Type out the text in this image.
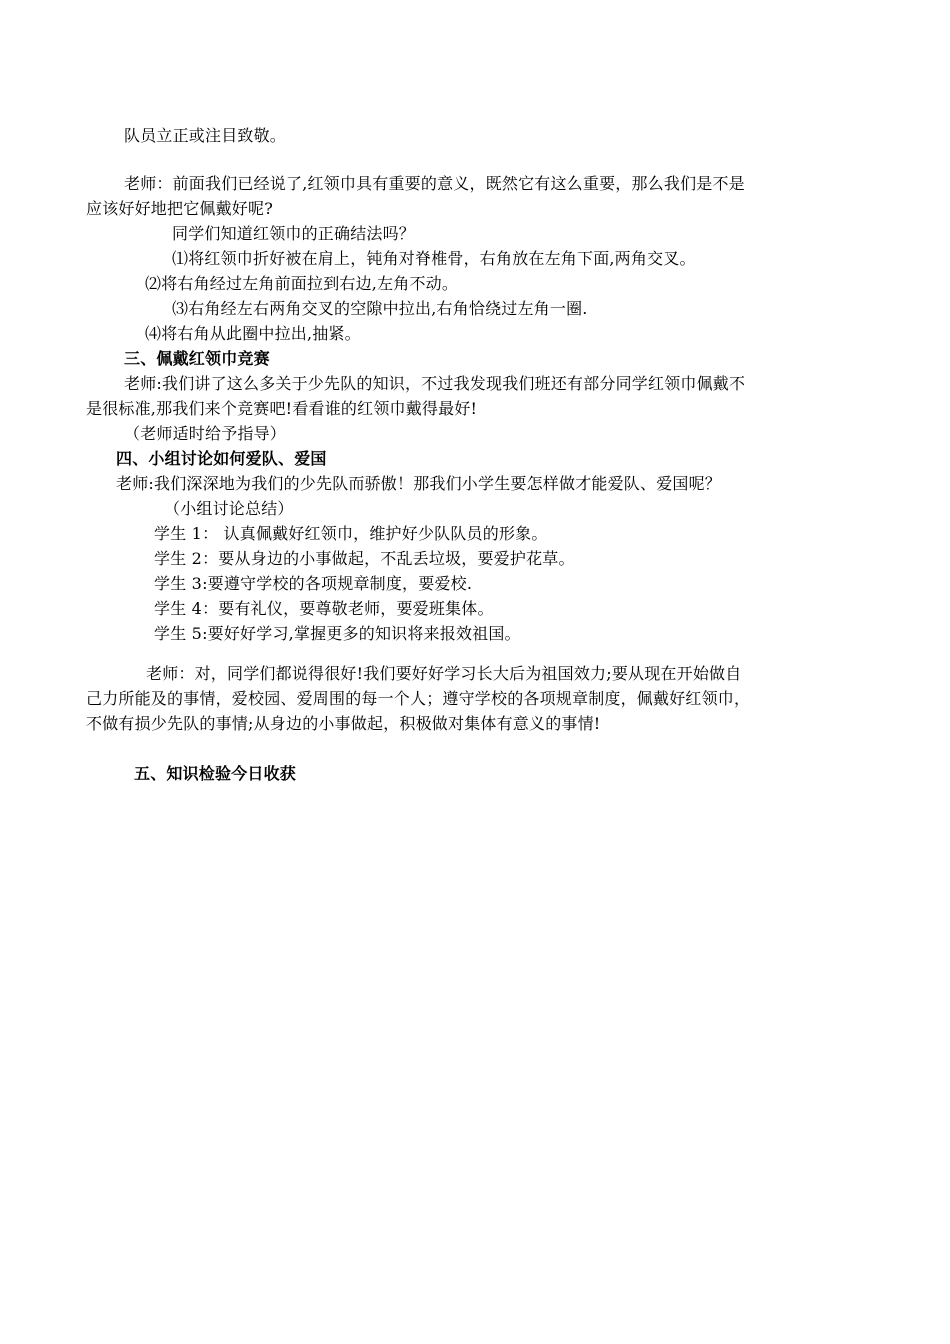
队员立正或注目致敬。
老师：前面我们已经说了,红领巾具有重要的意义，既然它有这么重要，那么我们是不是
应该好好地把它佩戴好呢?
同学们知道红领巾的正确结法吗？
⑴将红领巾折好被在肩上，钝角对脊椎骨，右角放在左角下面,两角交叉。
⑵将右角经过左角前面拉到右边,左角不动。
⑶右角经左右两角交叉的空隙中拉出,右角恰绕过左角一圈.
⑷将右角从此圈中拉出,抽紧。
三、佩戴红领巾竞赛
老师:我们讲了这么多关于少先队的知识，不过我发现我们班还有部分同学红领巾佩戴不
是很标准,那我们来个竞赛吧!看看谁的红领巾戴得最好!
（老师适时给予指导）
四、小组讨论如何爱队、爱国
老师:我们深深地为我们的少先队而骄傲！那我们小学生要怎样做才能爱队、爱国呢？
（小组讨论总结）
学生 1： 认真佩戴好红领巾，维护好少队队员的形象。
学生 2：要从身边的小事做起，不乱丢垃圾，要爱护花草。
学生 3:要遵守学校的各项规章制度，要爱校.
学生 4：要有礼仪，要尊敬老师，要爱班集体。
学生 5:要好好学习,掌握更多的知识将来报效祖国。
老师：对，同学们都说得很好!我们要好好学习长大后为祖国效力;要从现在开始做自
己力所能及的事情，爱校园、爱周围的每一个人；遵守学校的各项规章制度，佩戴好红领巾，
不做有损少先队的事情;从身边的小事做起，积极做对集体有意义的事情!
五、知识检验今日收获
